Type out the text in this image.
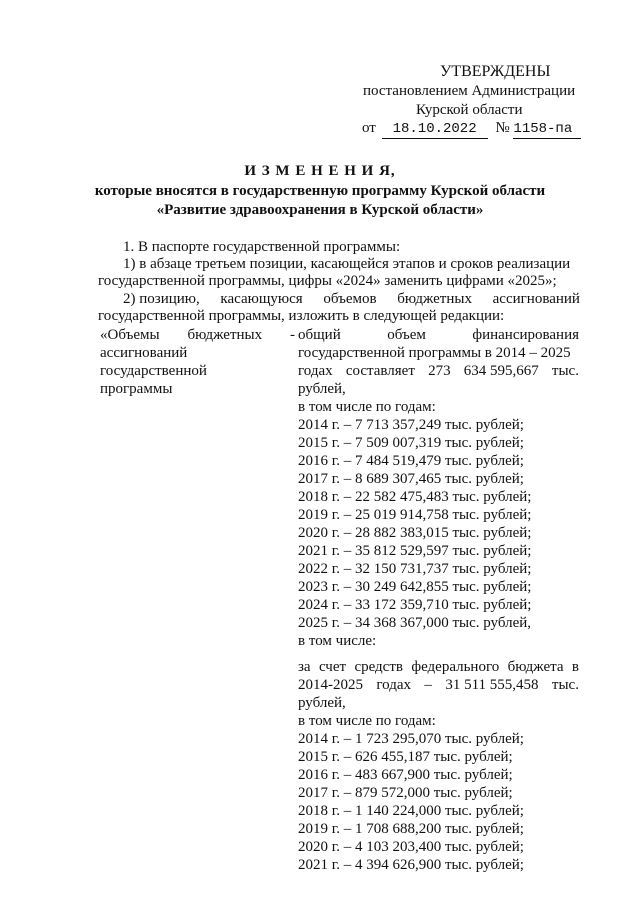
УТВЕРЖДЕНЫ
постановлением Администрации
Курской области
от 18.10.2022 № 1158-па
И З М Е Н Е Н И Я,
которые вносятся в государственную программу Курской области
«Развитие здравоохранения в Курской области»
1. В паспорте государственной программы:
1) в абзаце третьем позиции, касающейся этапов и сроков реализации
государственной программы, цифры «2024» заменить цифрами «2025»;
2) позицию, касающуюся объемов бюджетных ассигнований
государственной программы, изложить в следующей редакции:
«Объемы бюджетных -
ассигнований
государственной
программы
общий	объем	финансирования
государственной программы в 2014 – 2025
годах составляет 273 634 595,667 тыс.
рублей,
в том числе по годам:
2014 г. – 7 713 357,249 тыс. рублей;
2015 г. – 7 509 007,319 тыс. рублей;
2016 г. – 7 484 519,479 тыс. рублей;
2017 г. – 8 689 307,465 тыс. рублей;
2018 г. – 22 582 475,483 тыс. рублей;
2019 г. – 25 019 914,758 тыс. рублей;
2020 г. – 28 882 383,015 тыс. рублей;
2021 г. – 35 812 529,597 тыс. рублей;
2022 г. – 32 150 731,737 тыс. рублей;
2023 г. – 30 249 642,855 тыс. рублей;
2024 г. – 33 172 359,710 тыс. рублей;
2025 г. – 34 368 367,000 тыс. рублей,
в том числе:
за счет средств федерального бюджета в
2014-2025 годах – 31 511 555,458 тыс.
рублей,
в том числе по годам:
2014 г. – 1 723 295,070 тыс. рублей;
2015 г. – 626 455,187 тыс. рублей;
2016 г. – 483 667,900 тыс. рублей;
2017 г. – 879 572,000 тыс. рублей;
2018 г. – 1 140 224,000 тыс. рублей;
2019 г. – 1 708 688,200 тыс. рублей;
2020 г. – 4 103 203,400 тыс. рублей;
2021 г. – 4 394 626,900 тыс. рублей;
